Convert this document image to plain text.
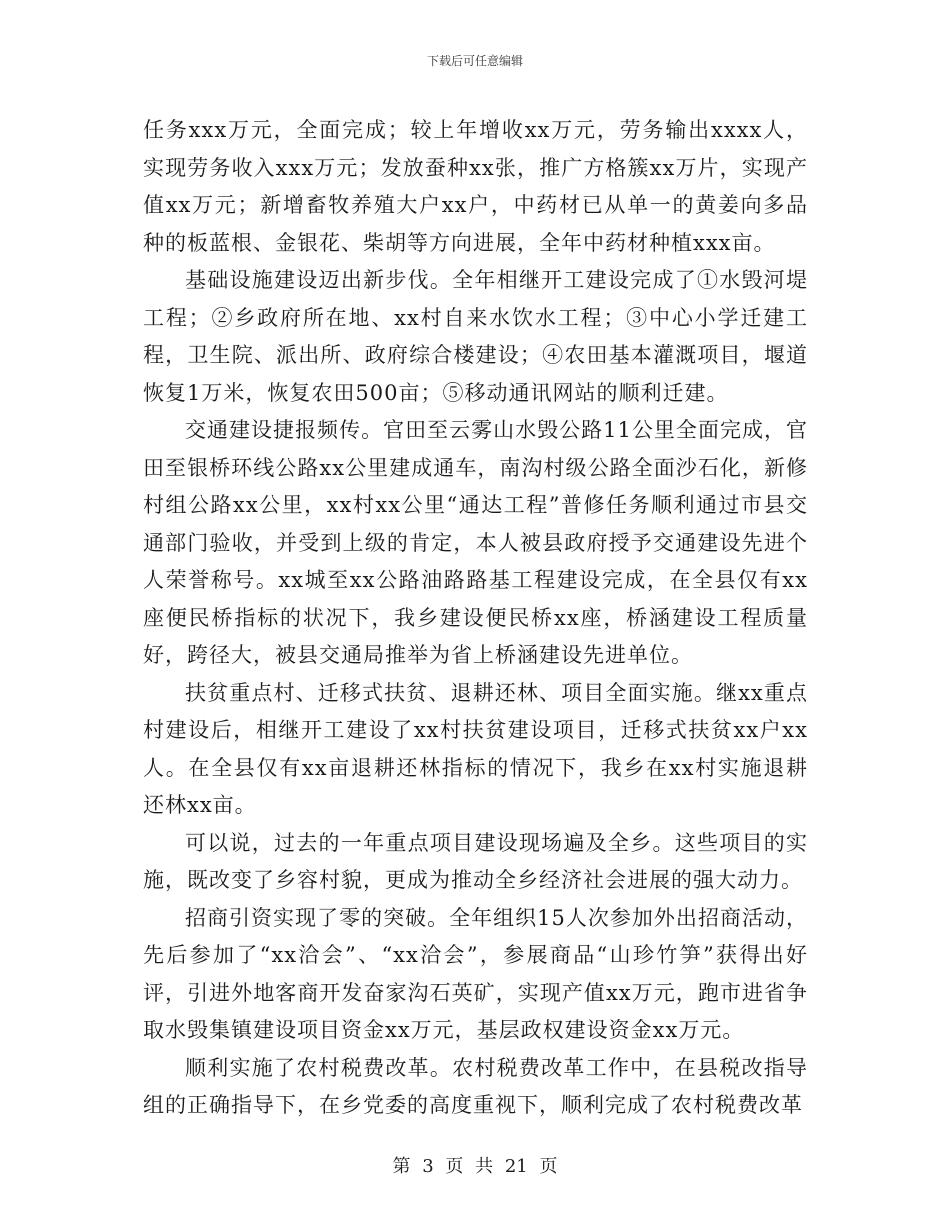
下载后可任意编辑

任务xxx万元，全面完成；较上年增收xx万元，劳务输出xxxx人，实现劳务收入xxx万元；发放蚕种xx张，推广方格簇xx万片，实现产值xx万元；新增畜牧养殖大户xx户，中药材已从单一的黄姜向多品种的板蓝根、金银花、柴胡等方向进展，全年中药材种植xxx亩。

基础设施建设迈出新步伐。全年相继开工建设完成了①水毁河堤工程；②乡政府所在地、xx村自来水饮水工程；③中心小学迁建工程，卫生院、派出所、政府综合楼建设；④农田基本灌溉项目，堰道恢复1万米，恢复农田500亩；⑤移动通讯网站的顺利迁建。

交通建设捷报频传。官田至云雾山水毁公路11公里全面完成，官田至银桥环线公路xx公里建成通车，南沟村级公路全面沙石化，新修村组公路xx公里，xx村xx公里“通达工程”普修任务顺利通过市县交通部门验收，并受到上级的肯定，本人被县政府授予交通建设先进个人荣誉称号。xx城至xx公路油路路基工程建设完成，在全县仅有xx座便民桥指标的状况下，我乡建设便民桥xx座，桥涵建设工程质量好，跨径大，被县交通局推举为省上桥涵建设先进单位。

扶贫重点村、迁移式扶贫、退耕还林、项目全面实施。继xx重点村建设后，相继开工建设了xx村扶贫建设项目，迁移式扶贫xx户xx人。在全县仅有xx亩退耕还林指标的情况下，我乡在xx村实施退耕还林xx亩。

可以说，过去的一年重点项目建设现场遍及全乡。这些项目的实施，既改变了乡容村貌，更成为推动全乡经济社会进展的强大动力。

招商引资实现了零的突破。全年组织15人次参加外出招商活动，先后参加了“xx洽会”、“xx洽会”，参展商品“山珍竹笋”获得出好评，引进外地客商开发奋家沟石英矿，实现产值xx万元，跑市进省争取水毁集镇建设项目资金xx万元，基层政权建设资金xx万元。

顺利实施了农村税费改革。农村税费改革工作中，在县税改指导组的正确指导下，在乡党委的高度重视下，顺利完成了农村税费改革

第 3 页 共 21 页
